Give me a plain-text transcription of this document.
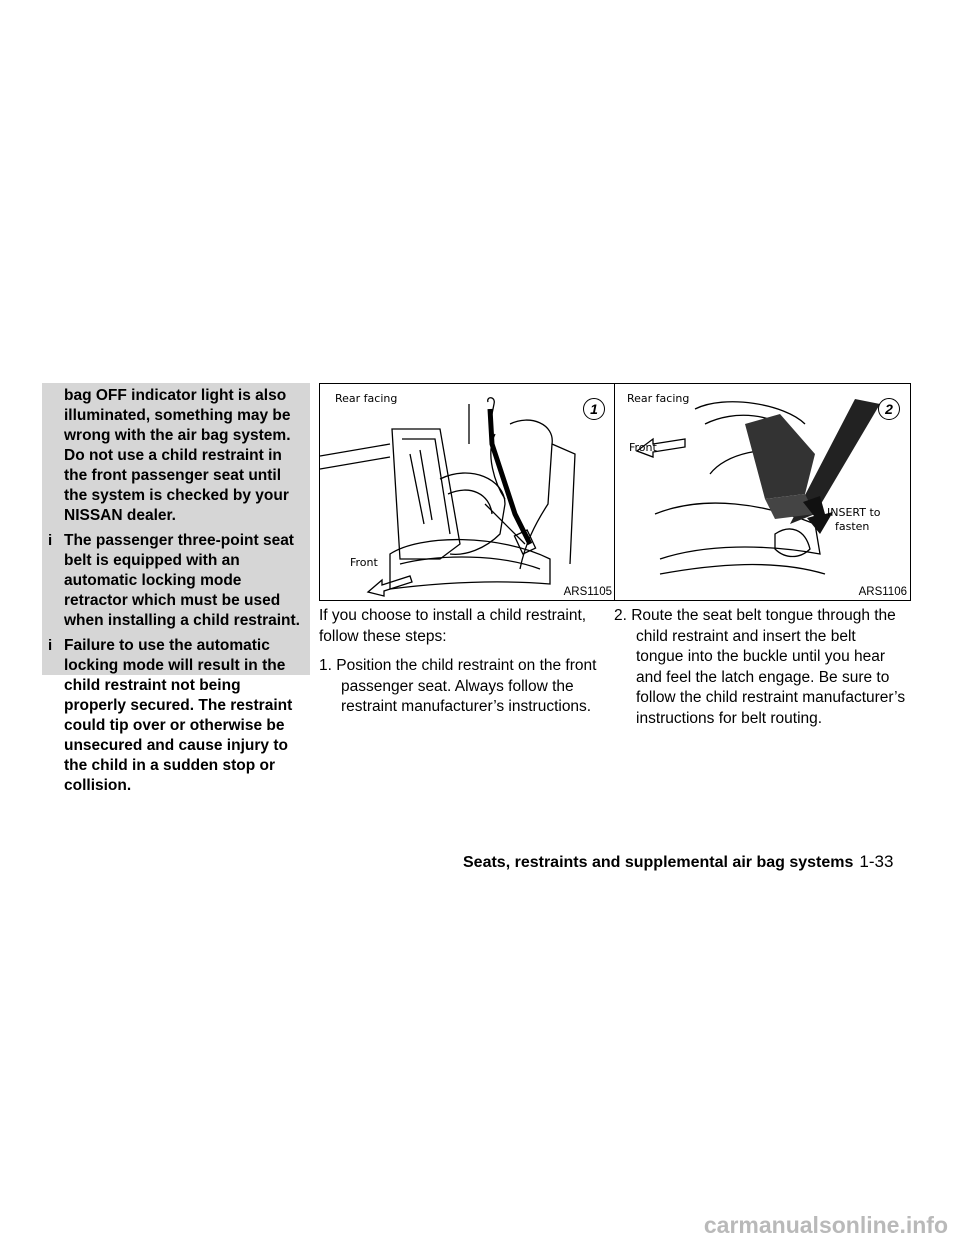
bag OFF indicator light is also illuminated, something may be wrong with the air bag system. Do not use a child restraint in the front passenger seat until the system is checked by your NISSAN dealer.

i The passenger three-point seat belt is equipped with an automatic locking mode retractor which must be used when installing a child restraint.

i Failure to use the automatic locking mode will result in the child restraint not being properly secured. The restraint could tip over or otherwise be unsecured and cause injury to the child in a sudden stop or collision.

Rear facing
Front
1
ARS1105
Rear facing
Front
INSERT to
fasten
2
ARS1106

If you choose to install a child restraint, follow these steps:

1. Position the child restraint on the front passenger seat. Always follow the restraint manufacturer’s instructions.

2. Route the seat belt tongue through the child restraint and insert the belt tongue into the buckle until you hear and feel the latch engage. Be sure to follow the child restraint manufacturer’s instructions for belt routing.

Seats, restraints and supplemental air bag systems 1-33
carmanualsonline.info
